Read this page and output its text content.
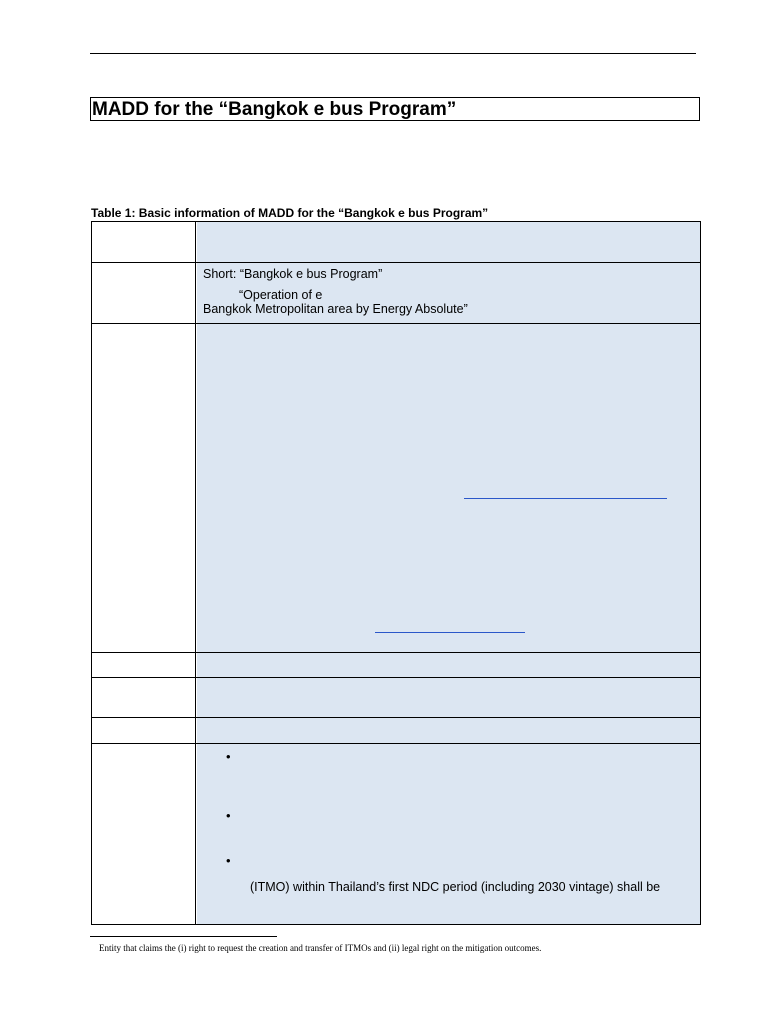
MADD for the “Bangkok e bus Program”
Table 1: Basic information of MADD for the “Bangkok e bus Program”
Short: “Bangkok e bus Program”
“Operation of e
Bangkok Metropolitan area by Energy Absolute”
•
•
•
(ITMO) within Thailand’s first NDC period (including 2030 vintage) shall be
Entity that claims the (i) right to request the creation and transfer of ITMOs and (ii) legal right on the mitigation outcomes.
